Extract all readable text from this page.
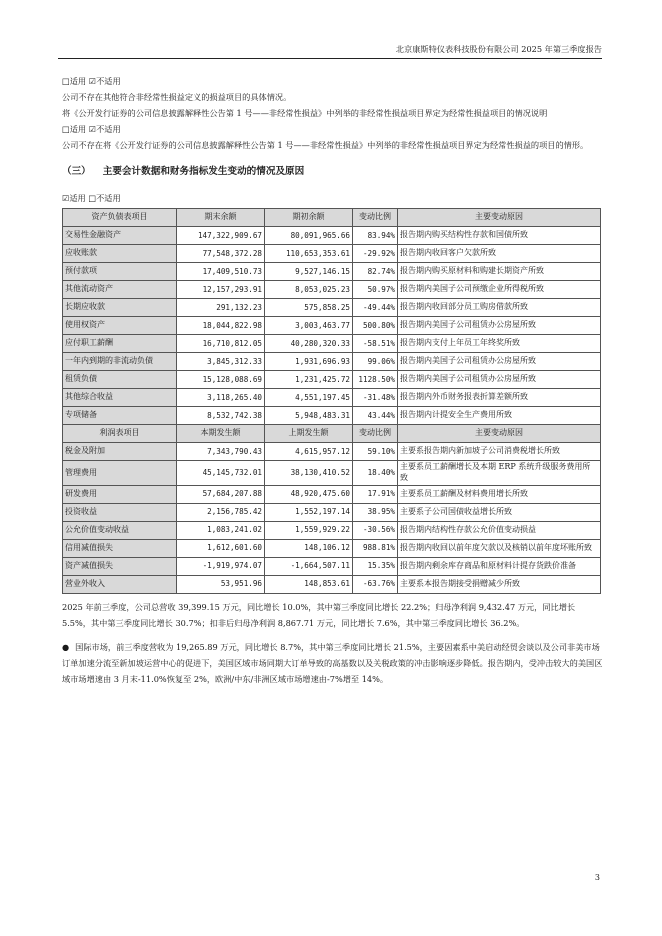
北京康斯特仪表科技股份有限公司 2025 年第三季度报告

□适用 ☑不适用

公司不存在其他符合非经常性损益定义的损益项目的具体情况。

将《公开发行证券的公司信息披露解释性公告第 1 号——非经常性损益》中列举的非经常性损益项目界定为经常性损益项目的情况说明

□适用 ☑不适用

公司不存在将《公开发行证券的公司信息披露解释性公告第 1 号——非经常性损益》中列举的非经常性损益项目界定为经常性损益的项目的情形。

（三） 主要会计数据和财务指标发生变动的情况及原因

☑适用 □不适用

资产负债表项目	期末余额	期初余额	变动比例	主要变动原因
交易性金融资产	147,322,909.67	80,091,965.66	83.94%	报告期内购买结构性存款和国债所致
应收账款	77,548,372.28	110,653,353.61	-29.92%	报告期内收回客户欠款所致
预付款项	17,409,510.73	9,527,146.15	82.74%	报告期内购买原材料和购建长期资产所致
其他流动资产	12,157,293.91	8,053,025.23	50.97%	报告期内美国子公司预缴企业所得税所致
长期应收款	291,132.23	575,858.25	-49.44%	报告期内收回部分员工购房借款所致
使用权资产	18,044,822.98	3,003,463.77	500.80%	报告期内美国子公司租赁办公房屋所致
应付职工薪酬	16,710,812.05	40,280,320.33	-58.51%	报告期内支付上年员工年终奖所致
一年内到期的非流动负债	3,845,312.33	1,931,696.93	99.06%	报告期内美国子公司租赁办公房屋所致
租赁负债	15,128,088.69	1,231,425.72	1128.50%	报告期内美国子公司租赁办公房屋所致
其他综合收益	3,118,265.40	4,551,197.45	-31.48%	报告期内外币财务报表折算差额所致
专项储备	8,532,742.38	5,948,483.31	43.44%	报告期内计提安全生产费用所致
利润表项目	本期发生额	上期发生额	变动比例	主要变动原因
税金及附加	7,343,790.43	4,615,957.12	59.10%	主要系报告期内新加坡子公司消费税增长所致
管理费用	45,145,732.01	38,130,410.52	18.40%	主要系员工薪酬增长及本期 ERP 系统升级服务费用所致
研发费用	57,684,207.88	48,920,475.60	17.91%	主要系员工薪酬及材料费用增长所致
投资收益	2,156,785.42	1,552,197.14	38.95%	主要系子公司国债收益增长所致
公允价值变动收益	1,083,241.02	1,559,929.22	-30.56%	报告期内结构性存款公允价值变动损益
信用减值损失	1,612,601.60	148,106.12	988.81%	报告期内收回以前年度欠款以及核销以前年度坏账所致
资产减值损失	-1,919,974.07	-1,664,507.11	15.35%	报告期内剩余库存商品和原材料计提存货跌价准备
营业外收入	53,951.96	148,853.61	-63.76%	主要系本报告期接受捐赠减少所致

2025 年前三季度，公司总营收 39,399.15 万元，同比增长 10.0%，其中第三季度同比增长 22.2%；归母净利润 9,432.47 万元，同比增长 5.5%，其中第三季度同比增长 30.7%；扣非后归母净利润 8,867.71 万元，同比增长 7.6%，其中第三季度同比增长 36.2%。

● 国际市场，前三季度营收为 19,265.89 万元，同比增长 8.7%，其中第三季度同比增长 21.5%，主要因素系中美启动经贸会谈以及公司非美市场订单加速分流至新加坡运营中心的促进下，美国区域市场同期大订单导致的高基数以及关税政策的冲击影响逐步降低。报告期内，受冲击较大的美国区域市场增速由 3 月末-11.0%恢复至 2%，欧洲/中东/非洲区域市场增速由-7%增至 14%。

3
